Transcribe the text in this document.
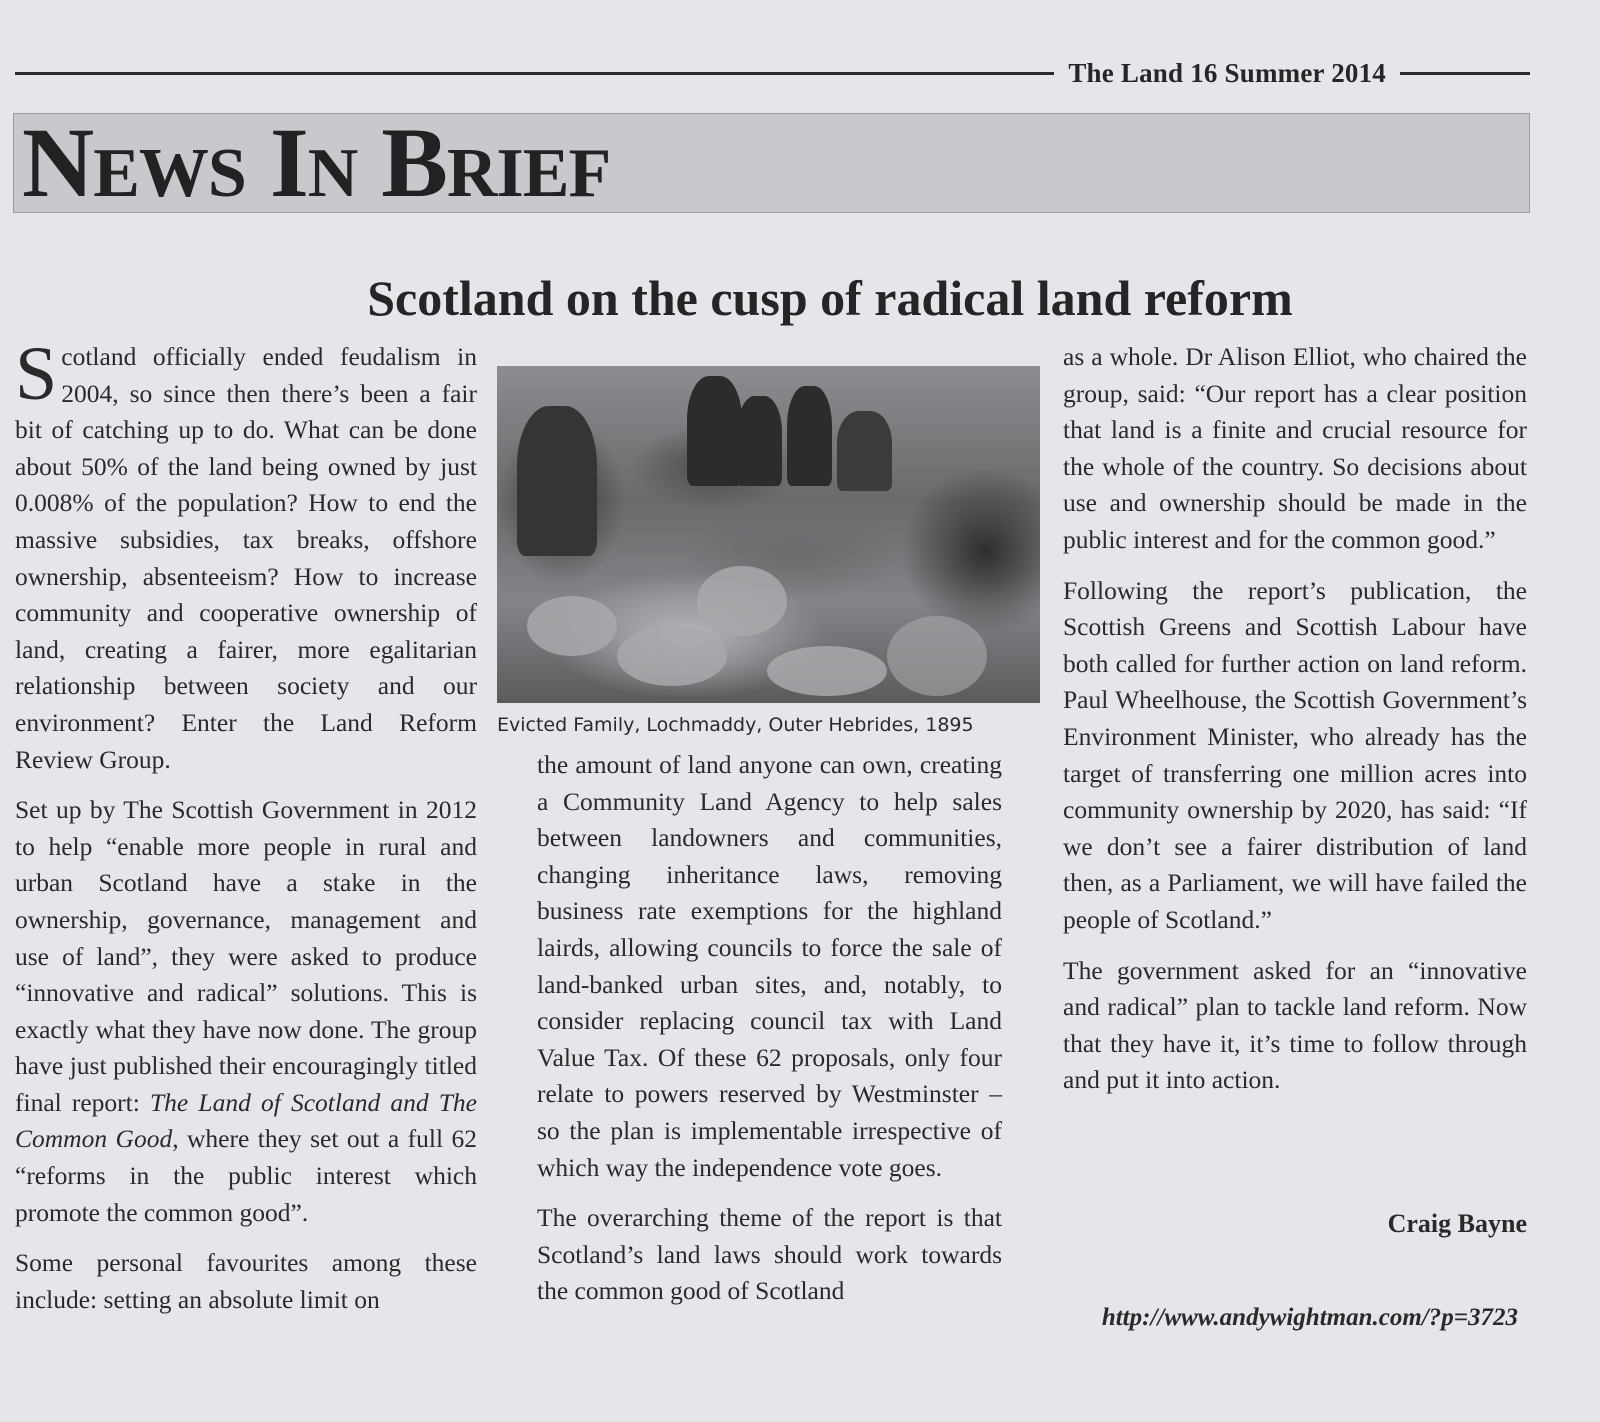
The Land 16 Summer 2014
News In Brief
Scotland on the cusp of radical land reform

Scotland officially ended feudalism in 2004, so since then there’s been a fair bit of catching up to do. What can be done about 50% of the land being owned by just 0.008% of the population? How to end the massive subsidies, tax breaks, offshore ownership, absenteeism? How to increase community and cooperative ownership of land, creating a fairer, more egalitarian relationship between society and our environment? Enter the Land Reform Review Group.

Set up by The Scottish Government in 2012 to help “enable more people in rural and urban Scotland have a stake in the ownership, governance, management and use of land”, they were asked to produce “innovative and radical” solutions. This is exactly what they have now done. The group have just published their encouragingly titled final report: The Land of Scotland and The Common Good, where they set out a full 62 “reforms in the public interest which promote the common good”.

Some personal favourites among these include: setting an absolute limit on

Evicted Family, Lochmaddy, Outer Hebrides, 1895

the amount of land anyone can own, creating a Community Land Agency to help sales between landowners and communities, changing inheritance laws, removing business rate exemptions for the highland lairds, allowing councils to force the sale of land-banked urban sites, and, notably, to consider replacing council tax with Land Value Tax. Of these 62 proposals, only four relate to powers reserved by Westminster – so the plan is implementable irrespective of which way the independence vote goes.

The overarching theme of the report is that Scotland’s land laws should work towards the common good of Scotland

as a whole. Dr Alison Elliot, who chaired the group, said: “Our report has a clear position that land is a finite and crucial resource for the whole of the country. So decisions about use and ownership should be made in the public interest and for the common good.”

Following the report’s publication, the Scottish Greens and Scottish Labour have both called for further action on land reform. Paul Wheelhouse, the Scottish Government’s Environment Minister, who already has the target of transferring one million acres into community ownership by 2020, has said: “If we don’t see a fairer distribution of land then, as a Parliament, we will have failed the people of Scotland.”

The government asked for an “innovative and radical” plan to tackle land reform. Now that they have it, it’s time to follow through and put it into action.

Craig Bayne
http://www.andywightman.com/?p=3723
